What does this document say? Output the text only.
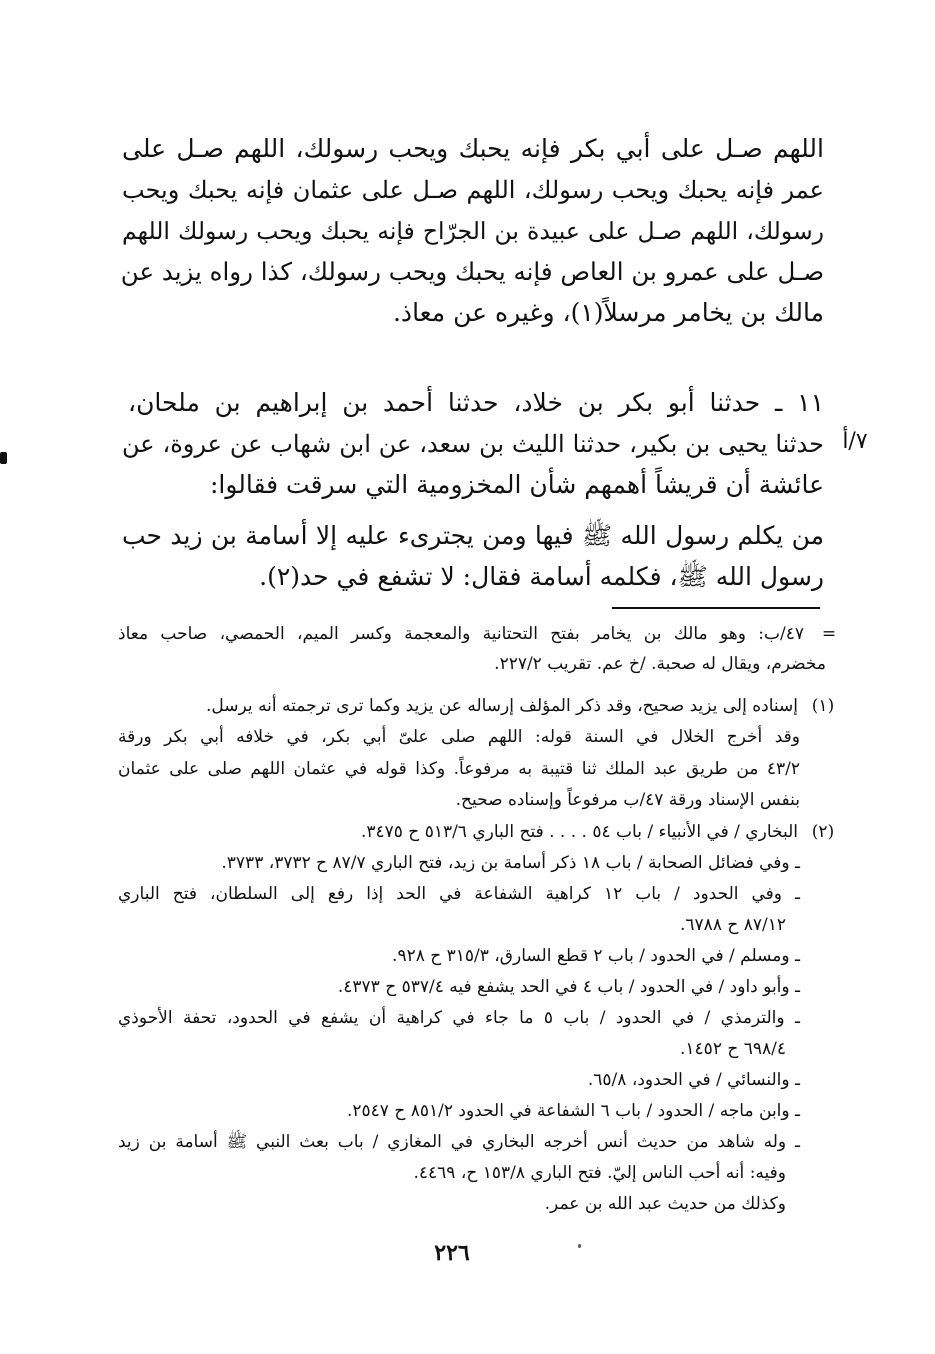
اللهم صـل على أبي بكر فإنه يحبك ويحب رسولك، اللهم صـل على
عمر فإنه يحبك ويحب رسولك، اللهم صـل على عثمان فإنه يحبك ويحب
رسولك، اللهم صـل على عبيدة بن الجرّاح فإنه يحبك ويحب رسولك اللهم
صـل على عمرو بن العاص فإنه يحبك ويحب رسولك، كذا رواه يزيد عن
مالك بن يخامر مرسلاً(١)، وغيره عن معاذ.
١١ ـ حدثنا أبو بكر بن خلاد، حدثنا أحمد بن إبراهيم بن ملحان،
حدثنا يحيى بن بكير، حدثنا الليث بن سعد، عن ابن شهاب عن عروة، عن
عائشة أن قريشاً أهمهم شأن المخزومية التي سرقت فقالوا:
من يكلم رسول الله ﷺ فيها ومن يجترىء عليه إلا أسامة بن زيد حب
رسول الله ﷺ، فكلمه أسامة فقال: لا تشفع في حد(٢).
٧/أ
=
٤٧/ب: وهو مالك بن يخامر بفتح التحتانية والمعجمة وكسر الميم، الحمصي، صاحب معاذ
مخضرم، ويقال له صحبة. /خ عم. تقريب ٢٢٧/٢.
(١)
إسناده إلى يزيد صحيح، وقد ذكر المؤلف إرساله عن يزيد وكما ترى ترجمته أنه يرسل.
وقد أخرج الخلال في السنة قوله: اللهم صلى علىّ أبي بكر، في خلافه أبي بكر ورقة
٤٣/٢ من طريق عبد الملك ثنا قتيبة به مرفوعاً. وكذا قوله في عثمان اللهم صلى على عثمان
بنفس الإسناد ورقة ٤٧/ب مرفوعاً وإسناده صحيح.
(٢)
البخاري / في الأنبياء / باب ٥٤ . . . . فتح الباري ٥١٣/٦ ح ٣٤٧٥.
ـ وفي فضائل الصحابة / باب ١٨ ذكر أسامة بن زيد، فتح الباري ٨٧/٧ ح ٣٧٣٢، ٣٧٣٣.
ـ وفي الحدود / باب ١٢ كراهية الشفاعة في الحد إذا رفع إلى السلطان، فتح الباري
٨٧/١٢ ح ٦٧٨٨.
ـ ومسلم / في الحدود / باب ٢ قطع السارق، ٣١٥/٣ ح ٩٢٨.
ـ وأبو داود / في الحدود / باب ٤ في الحد يشفع فيه ٥٣٧/٤ ح ٤٣٧٣.
ـ والترمذي / في الحدود / باب ٥ ما جاء في كراهية أن يشفع في الحدود، تحفة الأحوذي
٦٩٨/٤ ح ١٤٥٢.
ـ والنسائي / في الحدود، ٦٥/٨.
ـ وابن ماجه / الحدود / باب ٦ الشفاعة في الحدود ٨٥١/٢ ح ٢٥٤٧.
ـ وله شاهد من حديث أنس أخرجه البخاري في المغازي / باب بعث النبي ﷺ أسامة بن زيد
وفيه: أنه أحب الناس إليّ. فتح الباري ١٥٣/٨ ح، ٤٤٦٩.
وكذلك من حديث عبد الله بن عمر.
٢٢٦
